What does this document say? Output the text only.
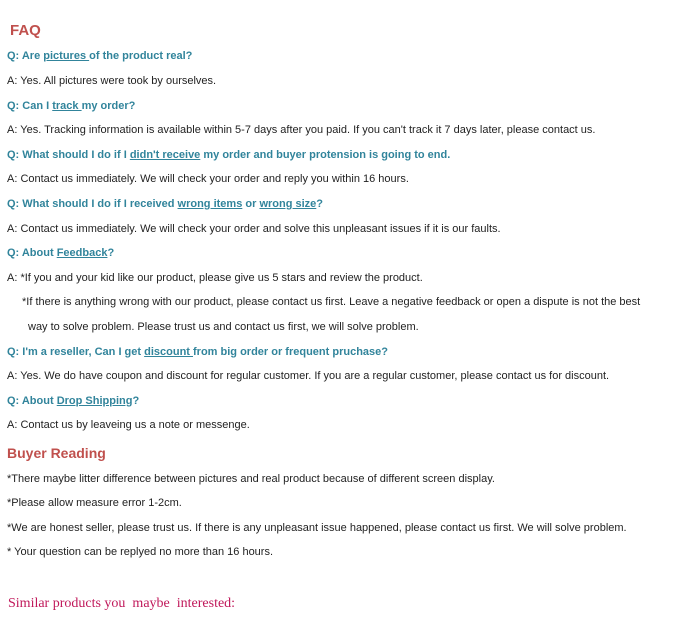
FAQ
Q: Are pictures of the product real?
A: Yes. All pictures were took by ourselves.
Q: Can I track my order?
A: Yes. Tracking information is available within 5-7 days after you paid. If you can't track it 7 days later, please contact us.
Q: What should I do if I didn't receive my order and buyer protension is going to end.
A: Contact us immediately. We will check your order and reply you within 16 hours.
Q: What should I do if I received wrong items or wrong size?
A: Contact us immediately. We will check your order and solve this unpleasant issues if it is our faults.
Q: About Feedback?
A: *If you and your kid like our product, please give us 5 stars and review the product.
*If there is anything wrong with our product, please contact us first. Leave a negative feedback or open a dispute is not the best
way to solve problem. Please trust us and contact us first, we will solve problem.
Q: I'm a reseller, Can I get discount from big order or frequent pruchase?
A: Yes. We do have coupon and discount for regular customer. If you are a regular customer, please contact us for discount.
Q: About Drop Shipping?
A: Contact us by leaveing us a note or messenge.
Buyer Reading
*There maybe litter difference between pictures and real product because of different screen display.
*Please allow measure error 1-2cm.
*We are honest seller, please trust us. If there is any unpleasant issue happened, please contact us first. We will solve problem.
* Your question can be replyed no more than 16 hours.
Similar products you  maybe  interested:
